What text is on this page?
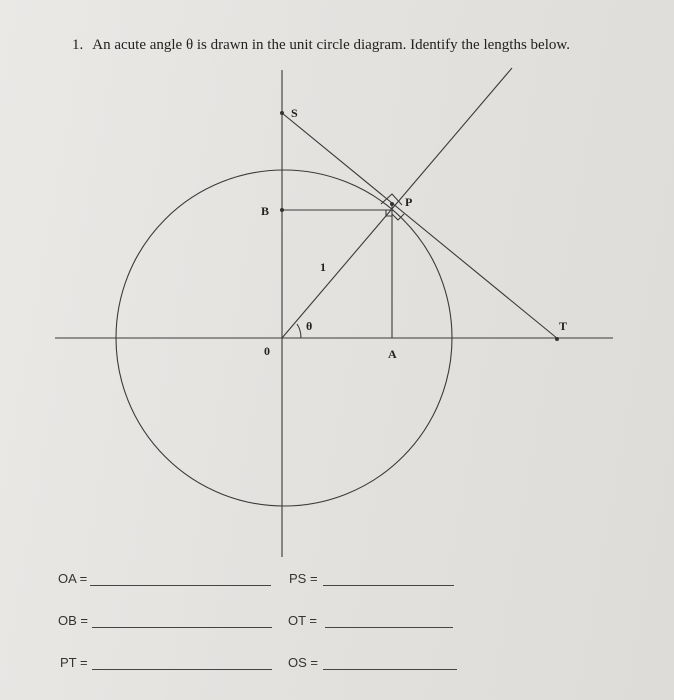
1. An acute angle θ is drawn in the unit circle diagram. Identify the lengths below.
S
B
P
1
θ
0	A
T
OA =
OB =
PT =
PS =
OT =
OS =
